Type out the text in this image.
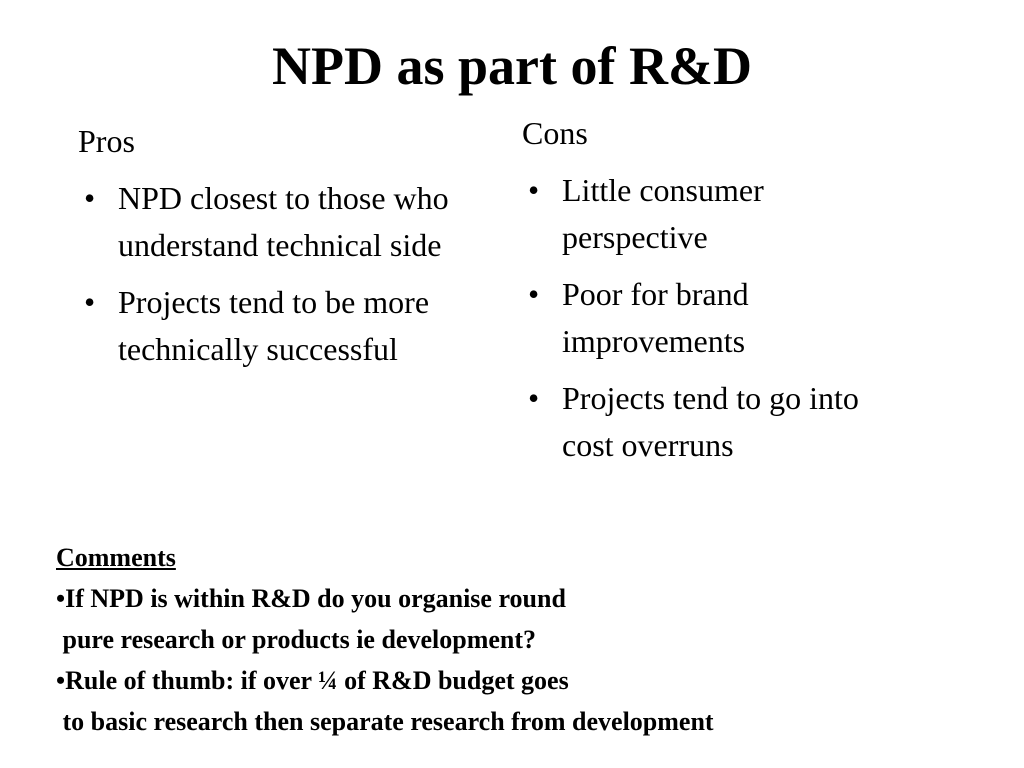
NPD as part of R&D
Pros
• NPD closest to those who understand technical side
• Projects tend to be more technically successful
Cons
• Little consumer perspective
• Poor for brand improvements
• Projects tend to go into cost overruns
Comments
•If NPD is within R&D do you organise round
pure research or products ie development?
•Rule of thumb: if over ¼ of R&D budget goes
to basic research then separate research from development
